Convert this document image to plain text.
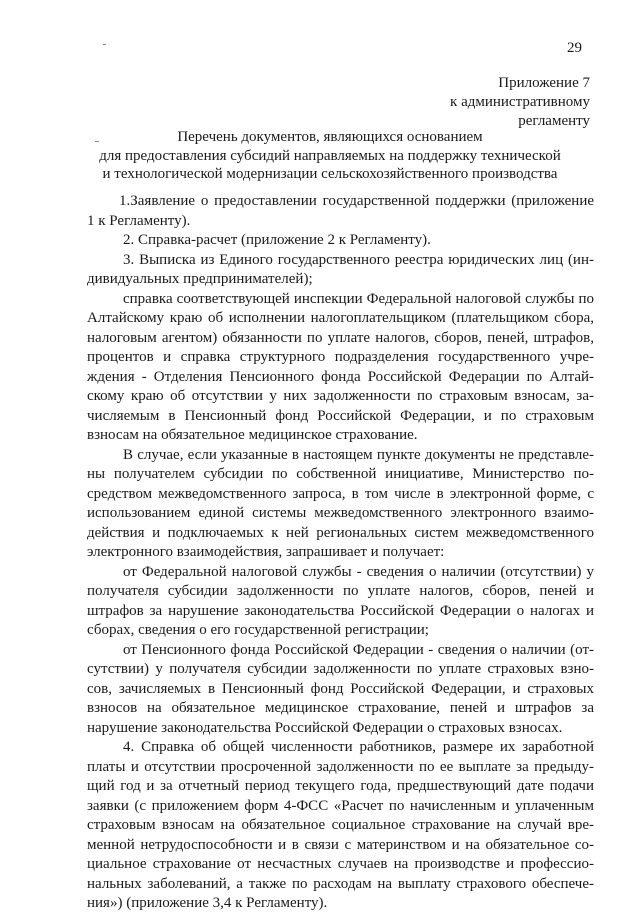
29
Приложение 7
к административному
регламенту
Перечень документов, являющихся основанием
для предоставления субсидий направляемых на поддержку технической
и технологической модернизации сельскохозяйственного производства
1.Заявление о предоставлении государственной поддержки (приложение
1 к Регламенту).
2. Справка-расчет (приложение 2 к Регламенту).
3. Выписка из Единого государственного реестра юридических лиц (ин-
дивидуальных предпринимателей);
справка соответствующей инспекции Федеральной налоговой службы по
Алтайскому краю об исполнении налогоплательщиком (плательщиком сбора,
налоговым агентом) обязанности по уплате налогов, сборов, пеней, штрафов,
процентов и справка структурного подразделения государственного учре-
ждения - Отделения Пенсионного фонда Российской Федерации по Алтай-
скому краю об отсутствии у них задолженности по страховым взносам, за-
числяемым в Пенсионный фонд Российской Федерации, и по страховым
взносам на обязательное медицинское страхование.
В случае, если указанные в настоящем пункте документы не представле-
ны получателем субсидии по собственной инициативе, Министерство по-
средством межведомственного запроса, в том числе в электронной форме, с
использованием единой системы межведомственного электронного взаимо-
действия и подключаемых к ней региональных систем межведомственного
электронного взаимодействия, запрашивает и получает:
от Федеральной налоговой службы - сведения о наличии (отсутствии) у
получателя субсидии задолженности по уплате налогов, сборов, пеней и
штрафов за нарушение законодательства Российской Федерации о налогах и
сборах, сведения о его государственной регистрации;
от Пенсионного фонда Российской Федерации - сведения о наличии (от-
сутствии) у получателя субсидии задолженности по уплате страховых взно-
сов, зачисляемых в Пенсионный фонд Российской Федерации, и страховых
взносов на обязательное медицинское страхование, пеней и штрафов за
нарушение законодательства Российской Федерации о страховых взносах.
4. Справка об общей численности работников, размере их заработной
платы и отсутствии просроченной задолженности по ее выплате за предыду-
щий год и за отчетный период текущего года, предшествующий дате подачи
заявки (с приложением форм 4-ФСС «Расчет по начисленным и уплаченным
страховым взносам на обязательное социальное страхование на случай вре-
менной нетрудоспособности и в связи с материнством и на обязательное со-
циальное страхование от несчастных случаев на производстве и профессио-
нальных заболеваний, а также по расходам на выплату страхового обеспече-
ния») (приложение 3,4 к Регламенту).
